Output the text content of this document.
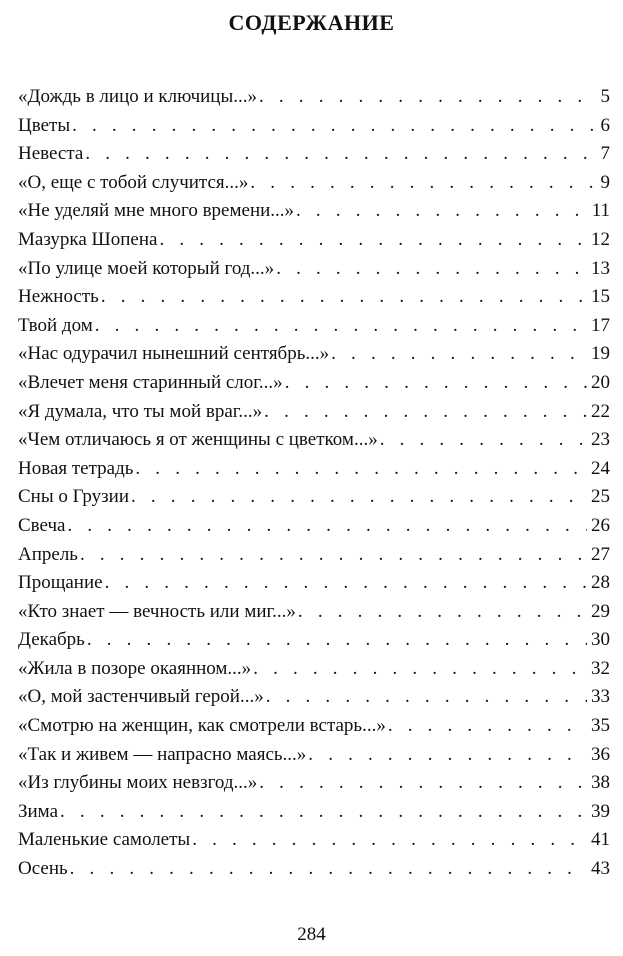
СОДЕРЖАНИЕ
«Дождь в лицо и ключицы...» . . .	5
Цветы . . .	6
Невеста . . .	7
«О, еще с тобой случится...» . . .	9
«Не уделяй мне много времени...» . . .	11
Мазурка Шопена . . .	12
«По улице моей который год...» . . .	13
Нежность . . .	15
Твой дом . . .	17
«Нас одурачил нынешний сентябрь...» . . .	19
«Влечет меня старинный слог...» . . .	20
«Я думала, что ты мой враг...» . . .	22
«Чем отличаюсь я от женщины с цветком...» . . .	23
Новая тетрадь . . .	24
Сны о Грузии . . .	25
Свеча . . .	26
Апрель . . .	27
Прощание . . .	28
«Кто знает — вечность или миг...» . . .	29
Декабрь . . .	30
«Жила в позоре окаянном...» . . .	32
«О, мой застенчивый герой...» . . .	33
«Смотрю на женщин, как смотрели встарь...» . . .	35
«Так и живем — напрасно маясь...» . . .	36
«Из глубины моих невзгод...» . . .	38
Зима . . .	39
Маленькие самолеты . . .	41
Осень . . .	43
284
